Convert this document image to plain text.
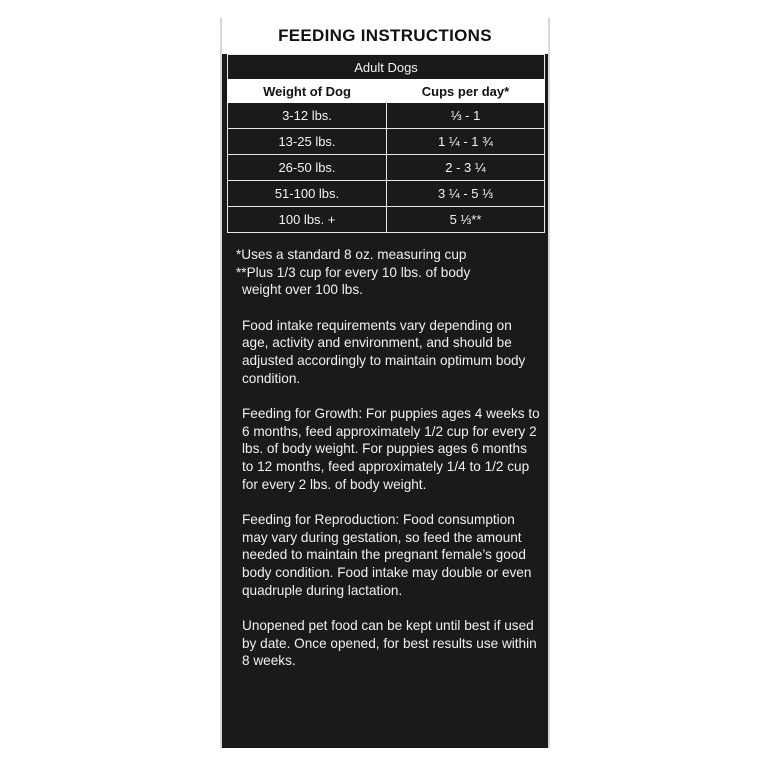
FEEDING INSTRUCTIONS
Adult Dogs	
Weight of Dog	Cups per day*
3-12 lbs.	⅓ - 1
13-25 lbs.	1 ¼ - 1 ¾
26-50 lbs.	2 - 3 ¼
51-100 lbs.	3 ¼ - 5 ⅓
100 lbs. +	5 ⅓**

*Uses a standard 8 oz. measuring cup

**Plus 1/3 cup for every 10 lbs. of body

weight over 100 lbs.

Food intake requirements vary depending on age, activity and environment, and should be adjusted accordingly to maintain optimum body condition.

Feeding for Growth: For puppies ages 4 weeks to 6 months, feed approximately 1/2 cup for every 2 lbs. of body weight. For puppies ages 6 months to 12 months, feed approximately 1/4 to 1/2 cup for every 2 lbs. of body weight.

Feeding for Reproduction: Food consumption may vary during gestation, so feed the amount needed to maintain the pregnant female’s good body condition. Food intake may double or even quadruple during lactation.

Unopened pet food can be kept until best if used by date. Once opened, for best results use within 8 weeks.
